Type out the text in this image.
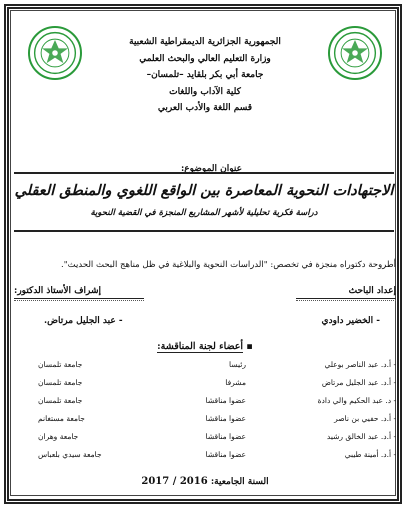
الجمهورية الجزائرية الديمقراطية الشعبية
وزارة التعليم العالي والبحث العلمي
جامعة أبي بكر بلقايد –تلمسان–
كلية الآداب واللغات
قسم اللغة والأدب العربي
عنوان الموضوع:
الاجتهادات النحوية المعاصرة بين الواقع اللغوي والمنطق العقلي
دراسة فكرية تحليلية لأشهر المشاريع المنجزة في القضية النحوية
أطروحة دكتوراه منجزة في تخصص: "الدراسات النحوية والبلاغية في ظل مناهج البحث الحديث".
إعداد الباحث
إشراف الأستاذ الدكتور:
- الخضير داودي
- عبد الجليل مرتاض.
▪ أعضاء لجنة المناقشة:
- أ.د. عبد الناصر بوعلي
رئيسا
جامعة تلمسان
- أ.د. عبد الجليل مرتاض
مشرفا
جامعة تلمسان
- د. عبد الحكيم والي دادة
عضوا مناقشا
جامعة تلمسان
- أ.د. حفيي بن ناصر
عضوا مناقشا
جامعة مستغانم
- أ.د. عبد الخالق رشيد
عضوا مناقشا
جامعة وهران
- أ.د. أمينة طيبي
عضوا مناقشا
جامعة سيدي بلعباس
السنة الجامعية: 2016 / 2017
